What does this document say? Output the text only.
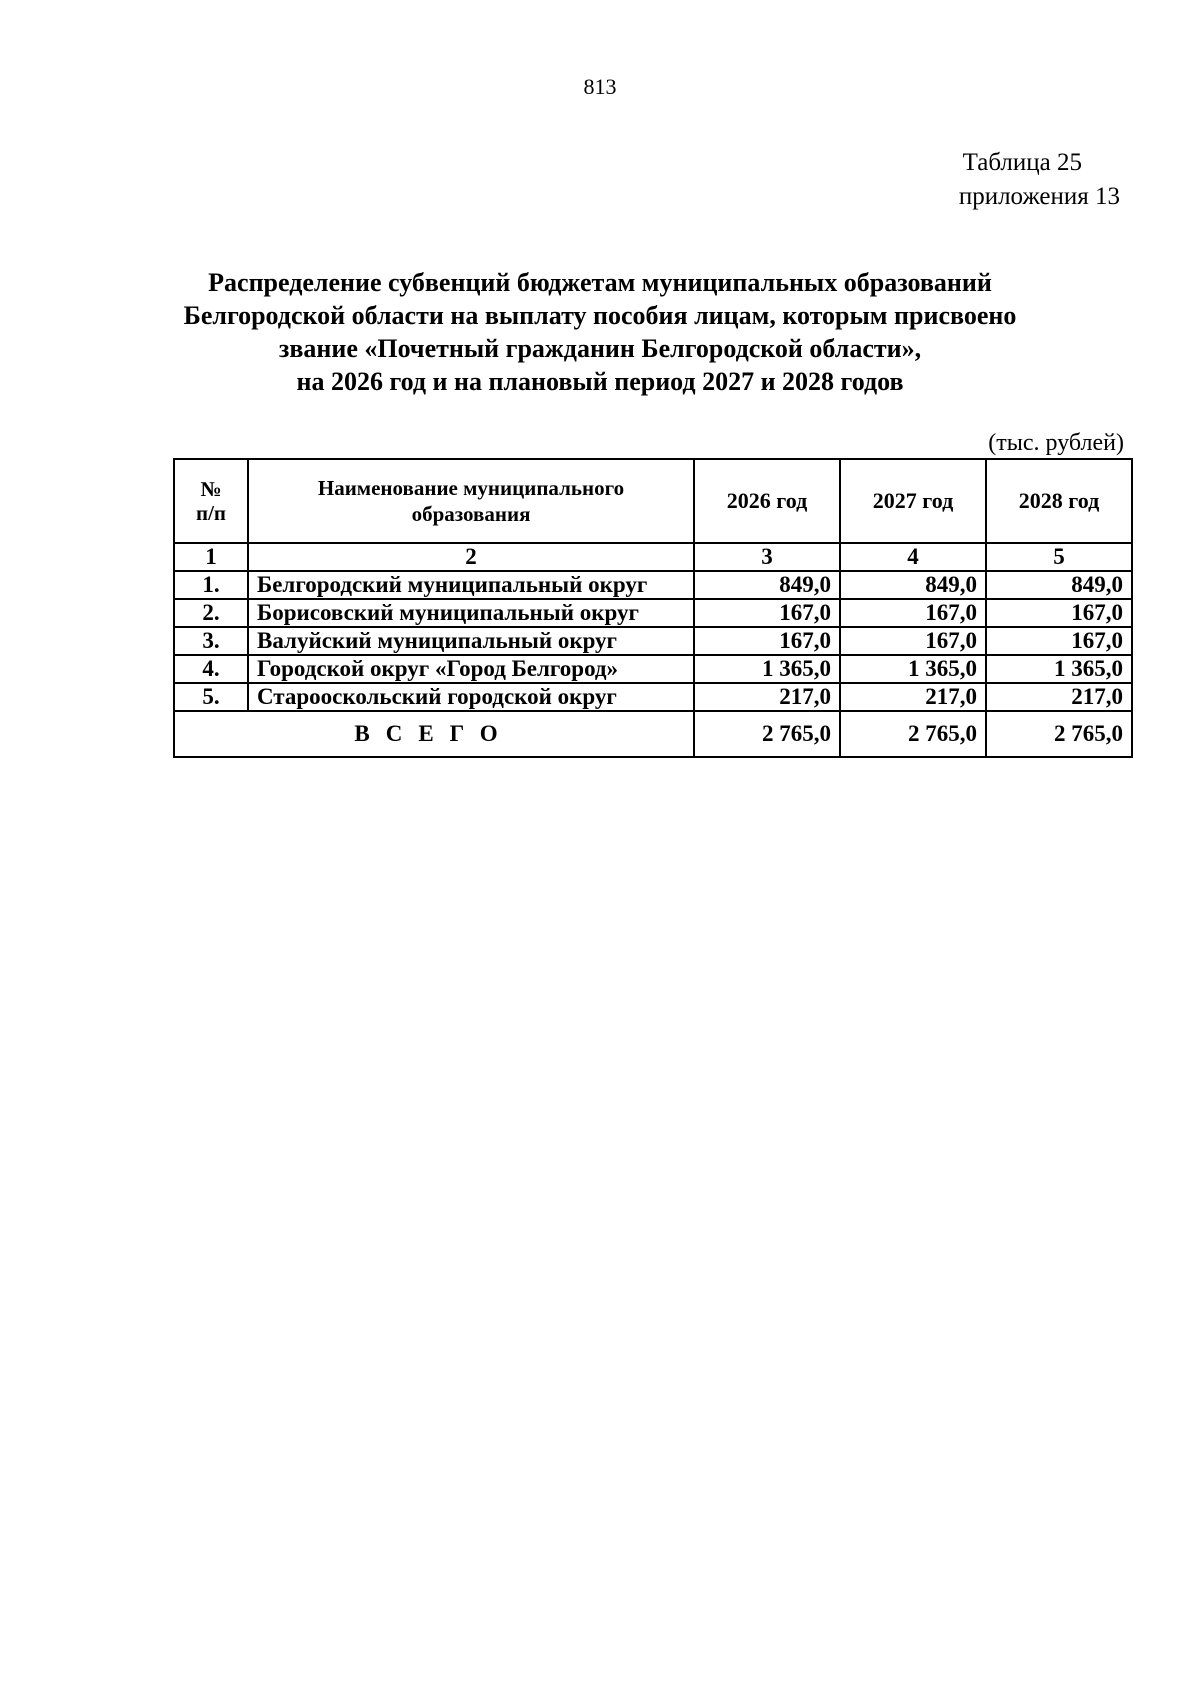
813
Таблица 25
приложения 13
Распределение субвенций бюджетам муниципальных образований
Белгородской области на выплату пособия лицам, которым присвоено
звание «Почетный гражданин Белгородской области»,
на 2026 год и на плановый период 2027 и 2028 годов
(тыс. рублей)
№
п/п	Наименование муниципального образования	2026 год	2027 год	2028 год
1	2	3	4	5
1.	Белгородский муниципальный округ	849,0	849,0	849,0
2.	Борисовский муниципальный округ	167,0	167,0	167,0
3.	Валуйский муниципальный округ	167,0	167,0	167,0
4.	Городской округ «Город Белгород»	1 365,0	1 365,0	1 365,0
5.	Старооскольский городской округ	217,0	217,0	217,0
ВСЕГО		2 765,0	2 765,0	2 765,0
